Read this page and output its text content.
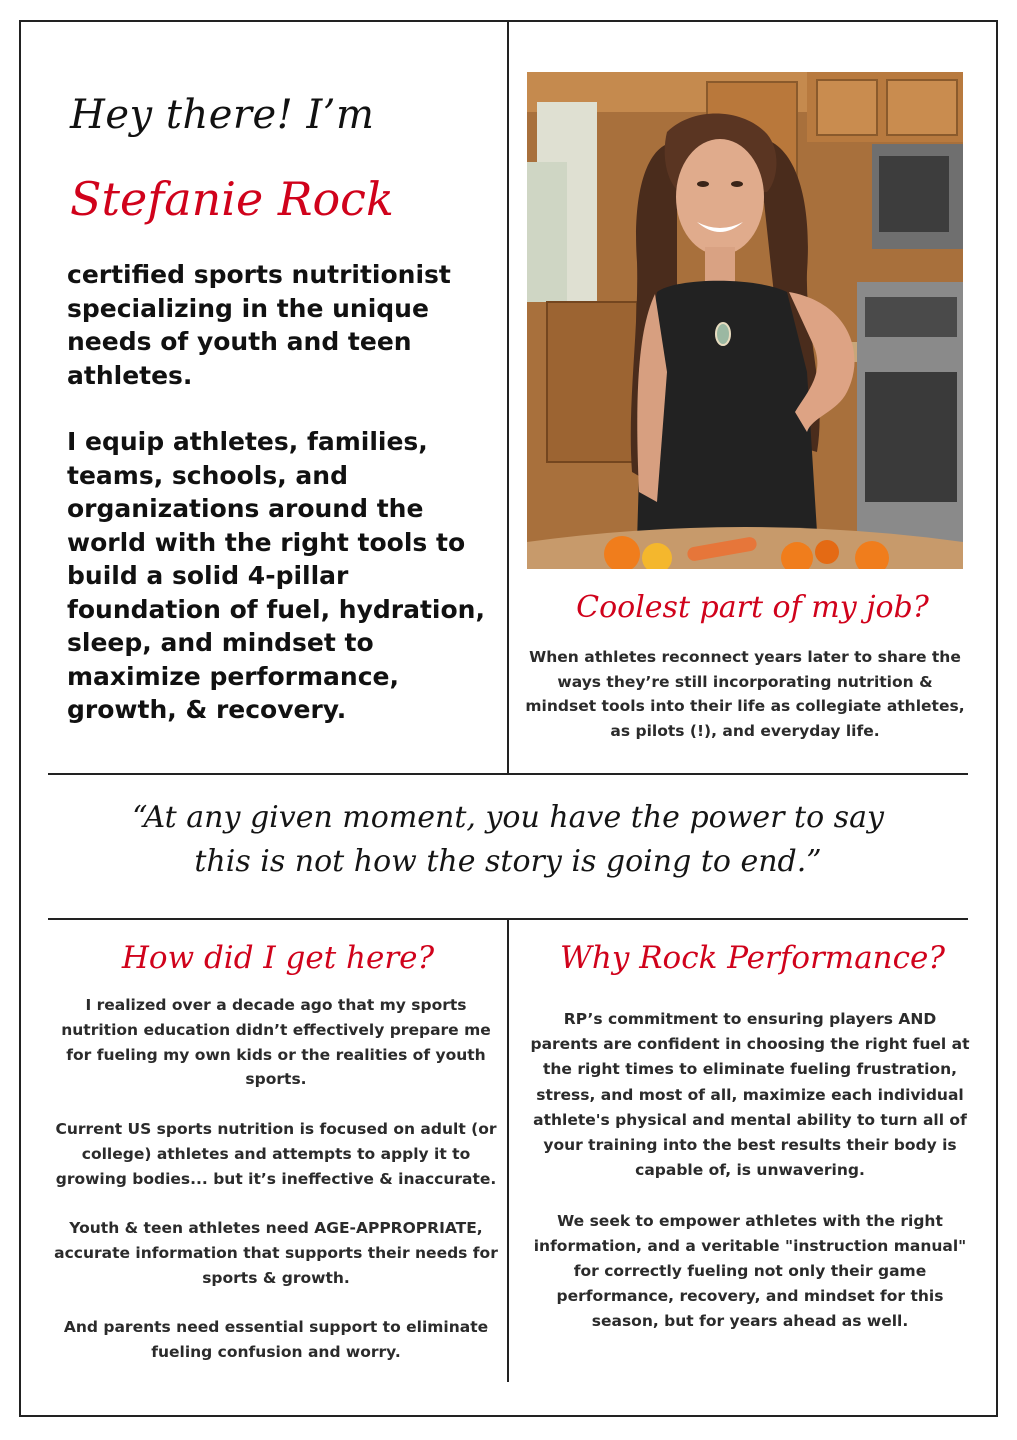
Hey there! I’m
Stefanie Rock

certified sports nutritionist specializing in the unique needs of youth and teen athletes.

I equip athletes, families, teams, schools, and organizations around the world with the right tools to build a solid 4-pillar foundation of fuel, hydration, sleep, and mindset to maximize performance, growth, & recovery.

Coolest part of my job?
When athletes reconnect years later to share the ways they’re still incorporating nutrition & mindset tools into their life as collegiate athletes, as pilots (!), and everyday life.
“At any given moment, you have the power to say
this is not how the story is going to end.”
How did I get here?

I realized over a decade ago that my sports nutrition education didn’t effectively prepare me for fueling my own kids or the realities of youth sports.

Current US sports nutrition is focused on adult (or college) athletes and attempts to apply it to growing bodies... but it’s ineffective & inaccurate.

Youth & teen athletes need AGE-APPROPRIATE, accurate information that supports their needs for sports & growth.

And parents need essential support to eliminate fueling confusion and worry.

Why Rock Performance?

RP’s commitment to ensuring players AND parents are confident in choosing the right fuel at the right times to eliminate fueling frustration, stress, and most of all, maximize each individual athlete's physical and mental ability to turn all of your training into the best results their body is capable of, is unwavering.

We seek to empower athletes with the right information, and a veritable "instruction manual" for correctly fueling not only their game performance, recovery, and mindset for this season, but for years ahead as well.
